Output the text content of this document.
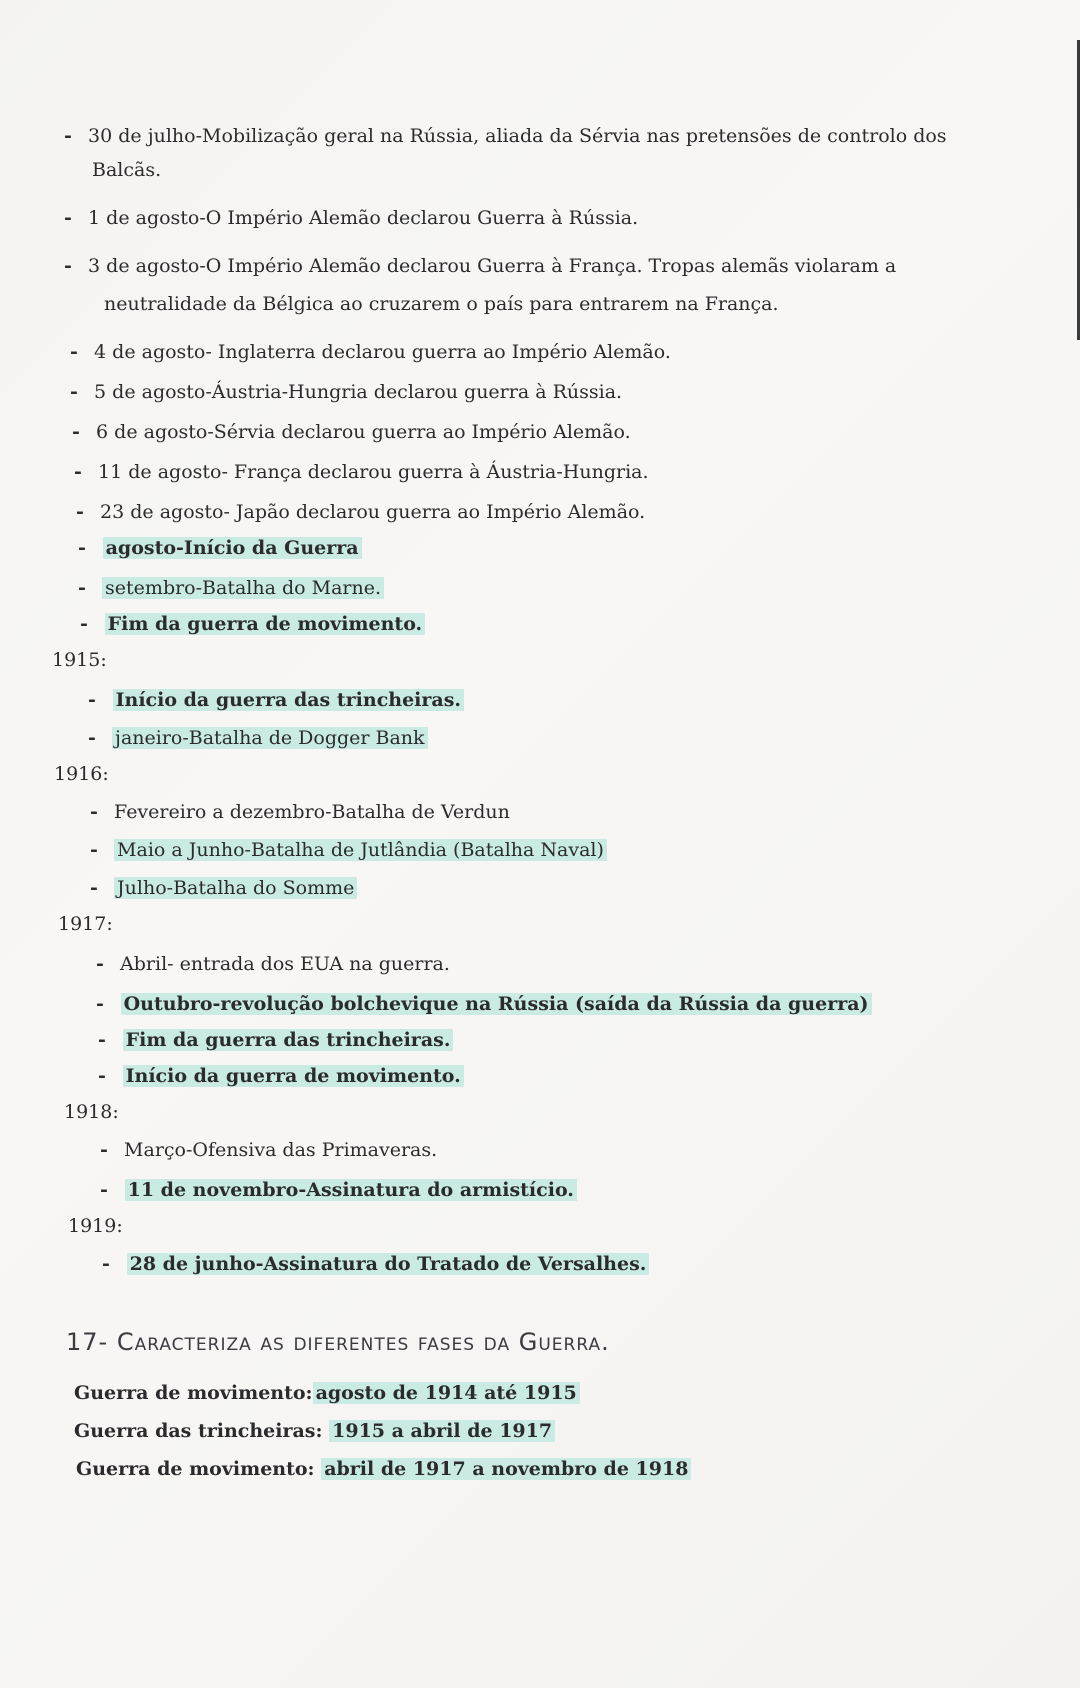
- 30 de julho-Mobilização geral na Rússia, aliada da Sérvia nas pretensões de controlo dos
Balcãs.
- 1 de agosto-O Império Alemão declarou Guerra à Rússia.
- 3 de agosto-O Império Alemão declarou Guerra à França. Tropas alemãs violaram a
neutralidade da Bélgica ao cruzarem o país para entrarem na França.
- 4 de agosto- Inglaterra declarou guerra ao Império Alemão.
- 5 de agosto-Áustria-Hungria declarou guerra à Rússia.
- 6 de agosto-Sérvia declarou guerra ao Império Alemão.
- 11 de agosto- França declarou guerra à Áustria-Hungria.
- 23 de agosto- Japão declarou guerra ao Império Alemão.
- agosto-Início da Guerra
- setembro-Batalha do Marne.
- Fim da guerra de movimento.
1915:
- Início da guerra das trincheiras.
- janeiro-Batalha de Dogger Bank
1916:
- Fevereiro a dezembro-Batalha de Verdun
- Maio a Junho-Batalha de Jutlândia (Batalha Naval)
- Julho-Batalha do Somme
1917:
- Abril- entrada dos EUA na guerra.
- Outubro-revolução bolchevique na Rússia (saída da Rússia da guerra)
- Fim da guerra das trincheiras.
- Início da guerra de movimento.
1918:
- Março-Ofensiva das Primaveras.
- 11 de novembro-Assinatura do armistício.
1919:
- 28 de junho-Assinatura do Tratado de Versalhes.
17- Caracteriza as diferentes fases da Guerra.
Guerra de movimento: agosto de 1914 até 1915
Guerra das trincheiras: 1915 a abril de 1917
Guerra de movimento: abril de 1917 a novembro de 1918
